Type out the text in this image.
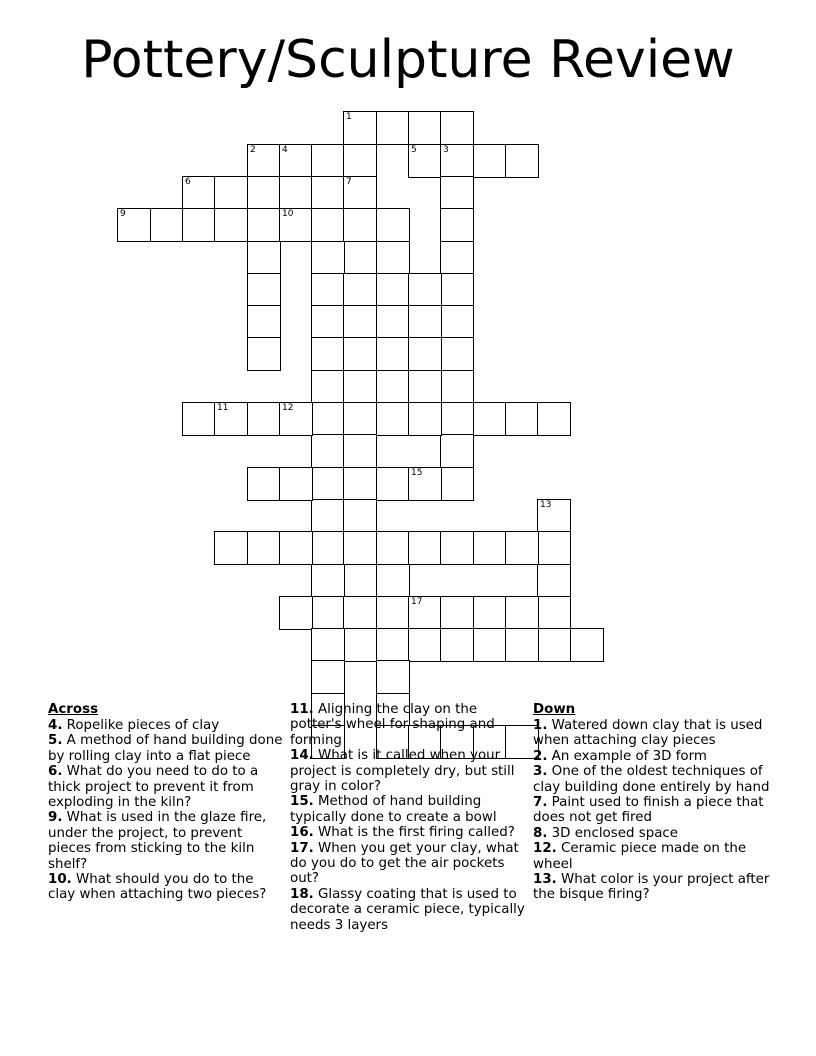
Pottery/Sculpture Review
1
2	4	5	3
6	7
9	10
11	12
15
13
17
Across

4. Ropelike pieces of clay

5. A method of hand building done by rolling clay into a flat piece

6. What do you need to do to a thick project to prevent it from exploding in the kiln?

9. What is used in the glaze fire, under the project, to prevent pieces from sticking to the kiln shelf?

10. What should you do to the clay when attaching two pieces?

11. Aligning the clay on the potter's wheel for shaping and forming

14. What is it called when your project is completely dry, but still gray in color?

15. Method of hand building typically done to create a bowl

16. What is the first firing called?

17. When you get your clay, what do you do to get the air pockets out?

18. Glassy coating that is used to decorate a ceramic piece, typically needs 3 layers

Down

1. Watered down clay that is used when attaching clay pieces

2. An example of 3D form

3. One of the oldest techniques of clay building done entirely by hand

7. Paint used to finish a piece that does not get fired

8. 3D enclosed space

12. Ceramic piece made on the wheel

13. What color is your project after the bisque firing?
